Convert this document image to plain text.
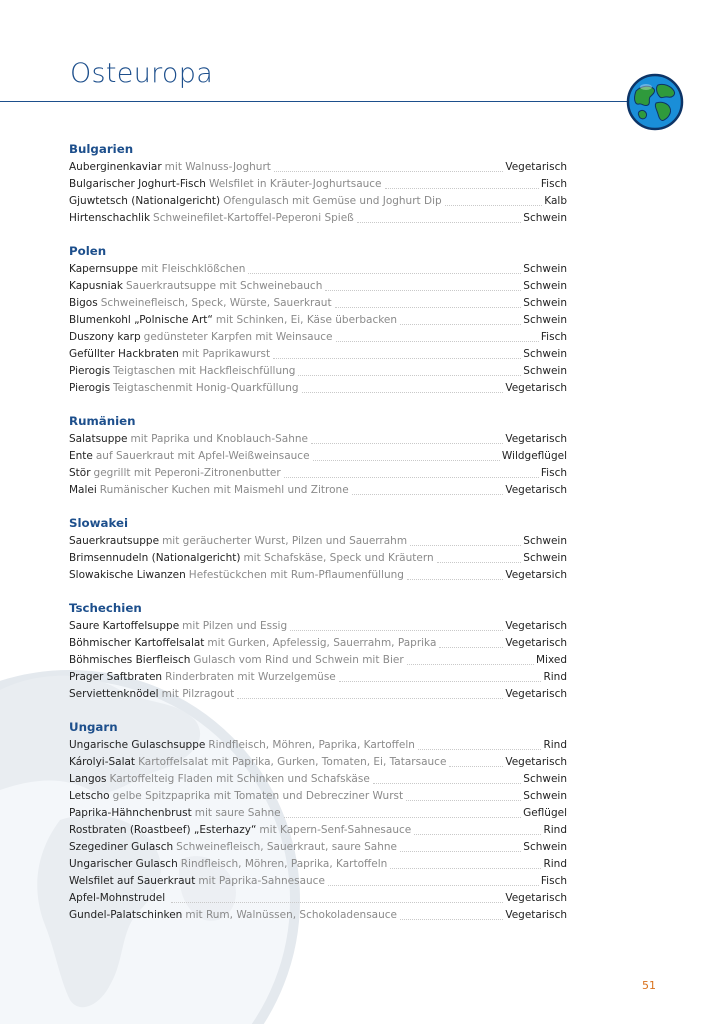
Osteuropa
Bulgarien
Auberginenkaviar mit Walnuss-Joghurt	Vegetarisch
Bulgarischer Joghurt-Fisch Welsfilet in Kräuter-Joghurtsauce	Fisch
Gjuwtetsch (Nationalgericht) Ofengulasch mit Gemüse und Joghurt Dip	Kalb
Hirtenschachlik Schweinefilet-Kartoffel-Peperoni Spieß	Schwein
Polen
Kapernsuppe mit Fleischklößchen	Schwein
Kapusniak Sauerkrautsuppe mit Schweinebauch	Schwein
Bigos Schweinefleisch, Speck, Würste, Sauerkraut	Schwein
Blumenkohl „Polnische Art“ mit Schinken, Ei, Käse überbacken	Schwein
Duszony karp gedünsteter Karpfen mit Weinsauce	Fisch
Gefüllter Hackbraten mit Paprikawurst	Schwein
Pierogis Teigtaschen mit Hackfleischfüllung	Schwein
Pierogis Teigtaschenmit Honig-Quarkfüllung	Vegetarisch
Rumänien
Salatsuppe mit Paprika und Knoblauch-Sahne	Vegetarisch
Ente auf Sauerkraut mit Apfel-Weißweinsauce	Wildgeflügel
Stör gegrillt mit Peperoni-Zitronenbutter	Fisch
Malei Rumänischer Kuchen mit Maismehl und Zitrone	Vegetarisch
Slowakei
Sauerkrautsuppe mit geräucherter Wurst, Pilzen und Sauerrahm	Schwein
Brimsennudeln (Nationalgericht) mit Schafskäse, Speck und Kräutern	Schwein
Slowakische Liwanzen Hefestückchen mit Rum-Pflaumenfüllung	Vegetarsich
Tschechien
Saure Kartoffelsuppe mit Pilzen und Essig	Vegetarisch
Böhmischer Kartoffelsalat mit Gurken, Apfelessig, Sauerrahm, Paprika	Vegetarisch
Böhmisches Bierfleisch Gulasch vom Rind und Schwein mit Bier	Mixed
Prager Saftbraten Rinderbraten mit Wurzelgemüse	Rind
Serviettenknödel mit Pilzragout	Vegetarisch
Ungarn
Ungarische Gulaschsuppe Rindfleisch, Möhren, Paprika, Kartoffeln	Rind
Károlyi-Salat Kartoffelsalat mit Paprika, Gurken, Tomaten, Ei, Tatarsauce	Vegetarisch
Langos Kartoffelteig Fladen mit Schinken und Schafskäse	Schwein
Letscho gelbe Spitzpaprika mit Tomaten und Debrecziner Wurst	Schwein
Paprika-Hähnchenbrust mit saure Sahne	Geflügel
Rostbraten (Roastbeef) „Esterhazy“ mit Kapern-Senf-Sahnesauce	Rind
Szegediner Gulasch Schweinefleisch, Sauerkraut, saure Sahne	Schwein
Ungarischer Gulasch Rindfleisch, Möhren, Paprika, Kartoffeln	Rind
Welsfilet auf Sauerkraut mit Paprika-Sahnesauce	Fisch
Apfel-Mohnstrudel	Vegetarisch
Gundel-Palatschinken mit Rum, Walnüssen, Schokoladensauce	Vegetarisch
51
